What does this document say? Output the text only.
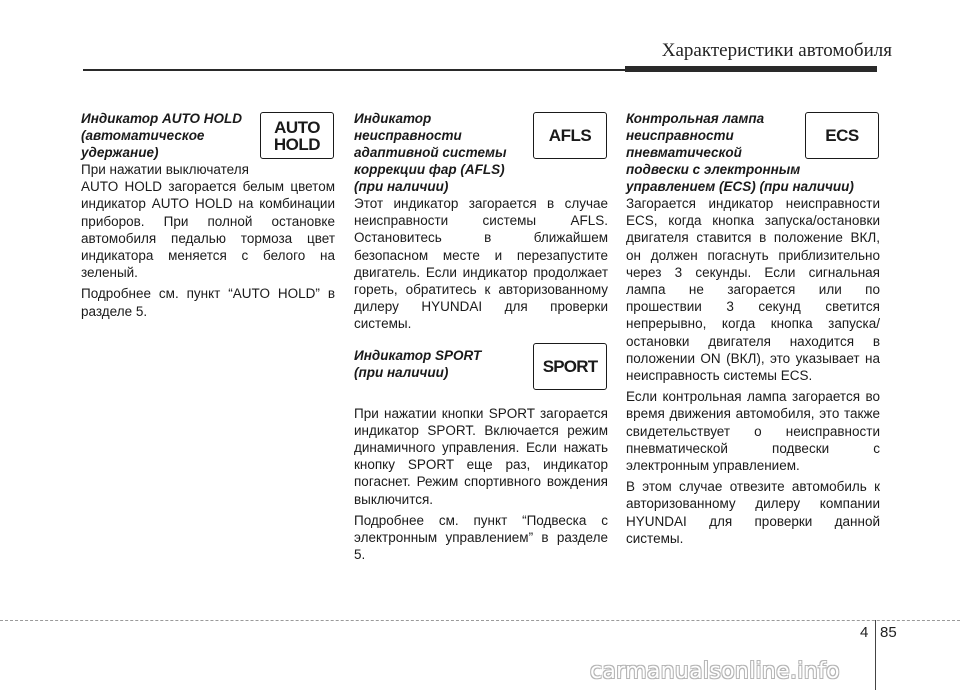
Характеристики автомобиля
AUTO
HOLD

Индикатор AUTO HOLD
(автоматическое
удержание)

При нажатии выключателя
AUTO HOLD загорается белым цветом индикатор AUTO HOLD на комбинации приборов. При полной остановке автомобиля педалью тормоза цвет индикатора меняется с белого на зеленый.

Подробнее см. пункт “AUTO HOLD” в разделе 5.

AFLS

Индикатор
неисправности
адаптивной системы
коррекции фар (AFLS)
(при наличии)

Этот индикатор загорается в случае неисправности системы AFLS. Остановитесь в ближайшем безопасном месте и перезапустите двигатель. Если индикатор продолжает гореть, обратитесь к авторизованному дилеру HYUNDAI для проверки системы.

SPORT

Индикатор SPORT
(при наличии)

При нажатии кнопки SPORT загорается индикатор SPORT. Включается режим динамичного управления. Если нажать кнопку SPORT еще раз, индикатор погаснет. Режим спортивного вождения выключится.

Подробнее см. пункт “Подвеска с электронным управлением” в разделе 5.

ECS

Контрольная лампа
неисправности
пневматической
подвески с электронным
управлением (ECS) (при наличии)

Загорается индикатор неисправности ECS, когда кнопка запуска/остановки двигателя ставится в положение ВКЛ, он должен погаснуть приблизительно через 3 секунды. Если сигнальная лампа не загорается или по прошествии 3 секунд светится непрерывно, когда кнопка запуска/остановки двигателя находится в положении ON (ВКЛ), это указывает на неисправность системы ECS.

Если контрольная лампа загорается во время движения автомобиля, это также свидетельствует о неисправности пневматической подвески с электронным управлением.

В этом случае отвезите автомобиль к авторизованному дилеру компании HYUNDAI для проверки данной системы.

4 85
carmanualsonline.info
